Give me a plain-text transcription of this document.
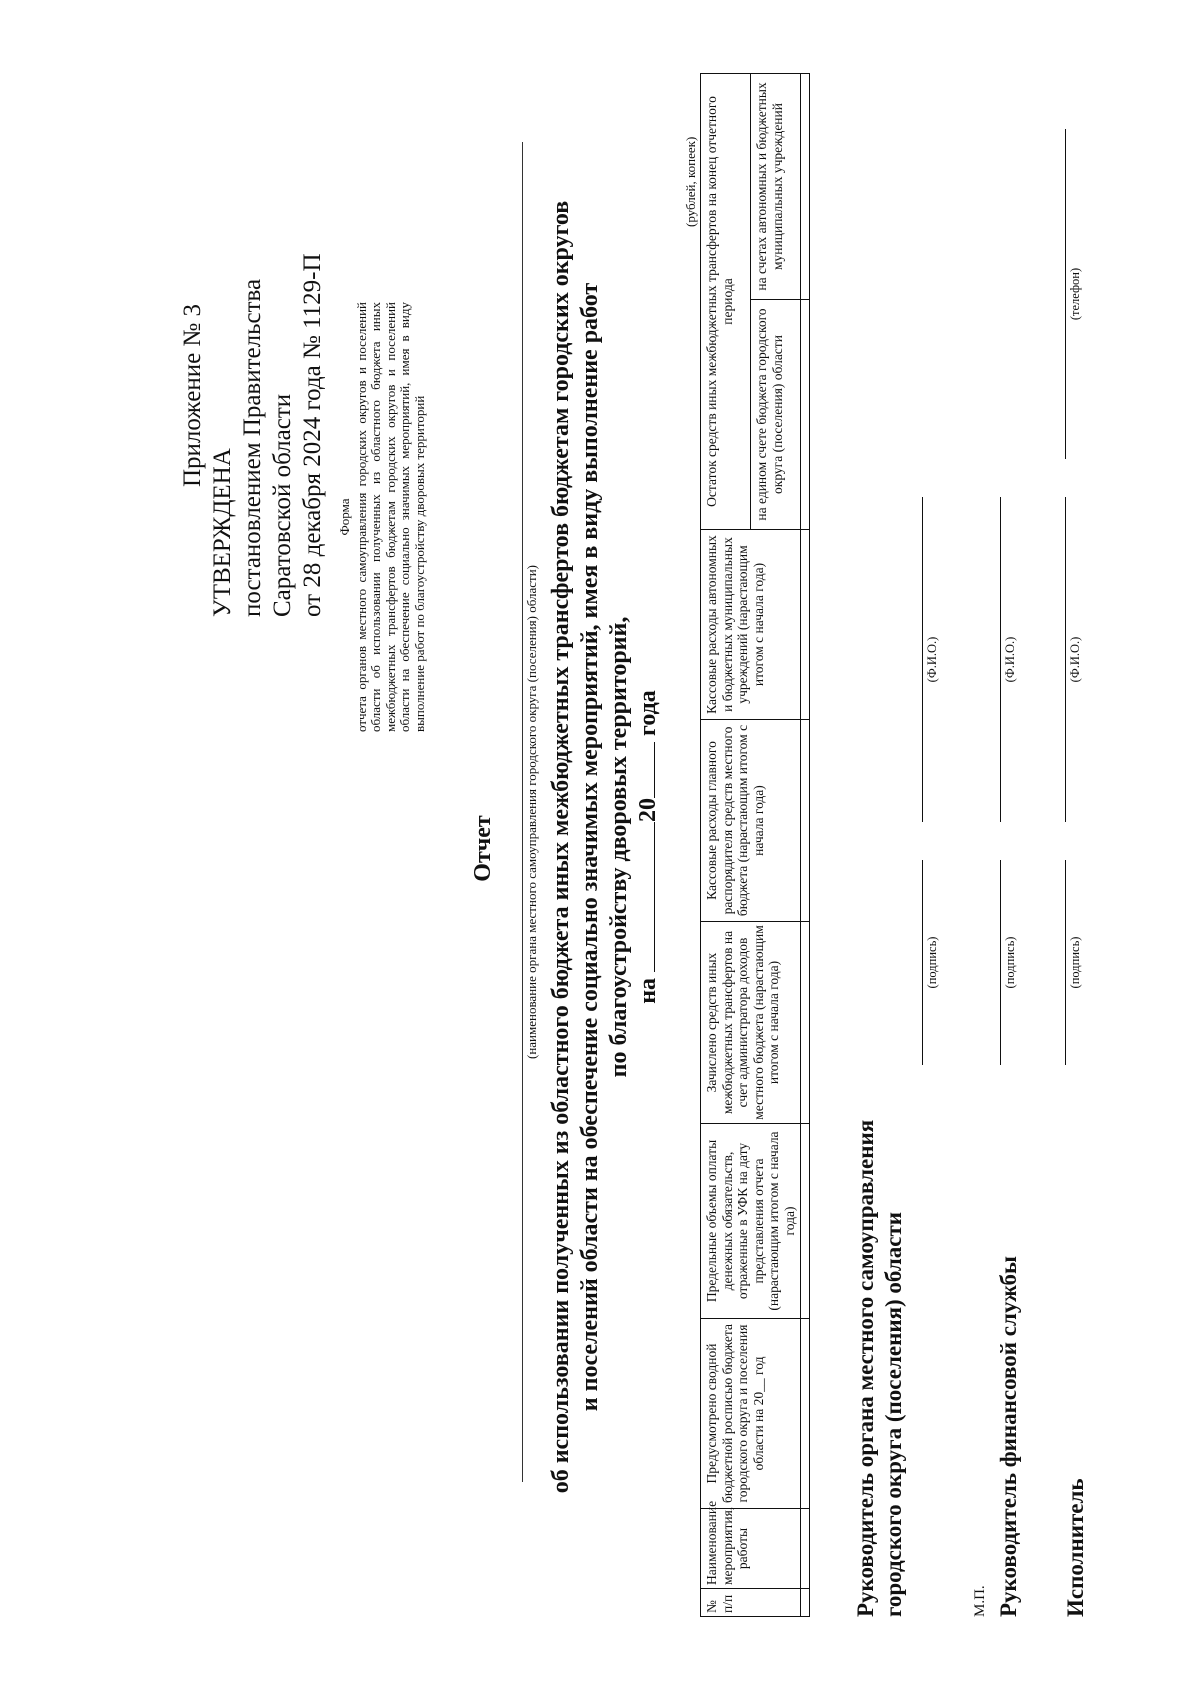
Приложение № 3
УТВЕРЖДЕНА постановлением Правительства Саратовской области от 28 декабря 2024 года № 1129-П Форма отчета органов местного самоуправления городских округов и поселений области об использовании полученных из областного бюджета иных межбюджетных трансфертов бюджетам городских округов и поселений области на обеспечение социально значимых мероприятий, имея в виду выполнение работ по благоустройству дворовых территорий
Отчет (наименование органа местного самоуправления городского округа (поселения) области) об использовании полученных из областного бюджета иных межбюджетных трансфертов бюджетам городских округов и поселений области на обеспечение социально значимых мероприятий, имея в виду выполнение работ по благоустройству дворовых территорий, на 20 года
(рублей, копеек)
№ п/п	Наименование мероприятия, работы	Предусмотрено сводной бюджетной росписью бюджета городского округа и поселения области на 20__ год	Предельные объемы оплаты денежных обязательств, отраженные в УФК на дату представления отчета (нарастающим итогом с начала года)	Зачислено средств иных межбюджетных трансфертов на счет администратора доходов местного бюджета (нарастающим итогом с начала года)	Кассовые расходы главного распорядителя средств местного бюджета (нарастающим итогом с начала года)	Кассовые расходы автономных и бюджетных муниципальных учреждений (нарастающим итогом с начала года)	Остаток средств иных межбюджетных трансфертов на конец отчетного периода	
							на едином счете бюджета городского округа (поселения) области	на счетах автономных и бюджетных муниципальных учреждений

Руководитель органа местного самоуправления городского округа (поселения) области
(подпись)
(Ф.И.О.)
М.П. Руководитель финансовой службы
(подпись)
(Ф.И.О.)
Исполнитель
(подпись)
(Ф.И.О.)
(телефон)
